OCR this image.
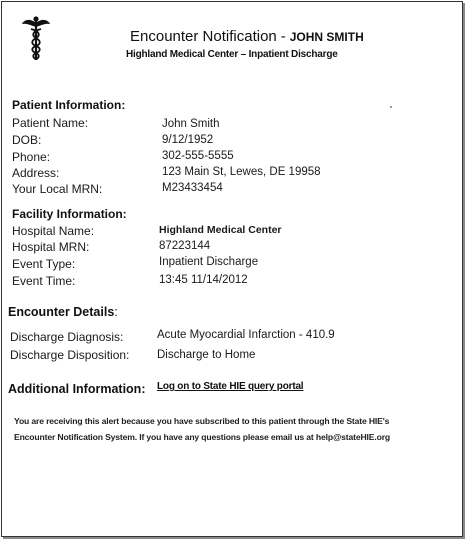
Encounter Notification - JOHN SMITH
Highland Medical Center – Inpatient Discharge
Patient Information:
Patient Name:	John Smith
DOB:	9/12/1952
Phone:	302-555-5555
Address:	123 Main St, Lewes, DE 19958
Your Local MRN:	M23433454
Facility Information:
Hospital Name:	Highland Medical Center
Hospital MRN:	87223144
Event Type:	Inpatient Discharge
Event Time:	13:45 11/14/2012
Encounter Details:
Discharge Diagnosis:	Acute Myocardial Infarction - 410.9
Discharge Disposition: Discharge to Home
Additional Information: Log on to State HIE query portal
You are receiving this alert because you have subscribed to this patient through the State HIE's
Encounter Notification System. If you have any questions please email us at help@stateHIE.org
